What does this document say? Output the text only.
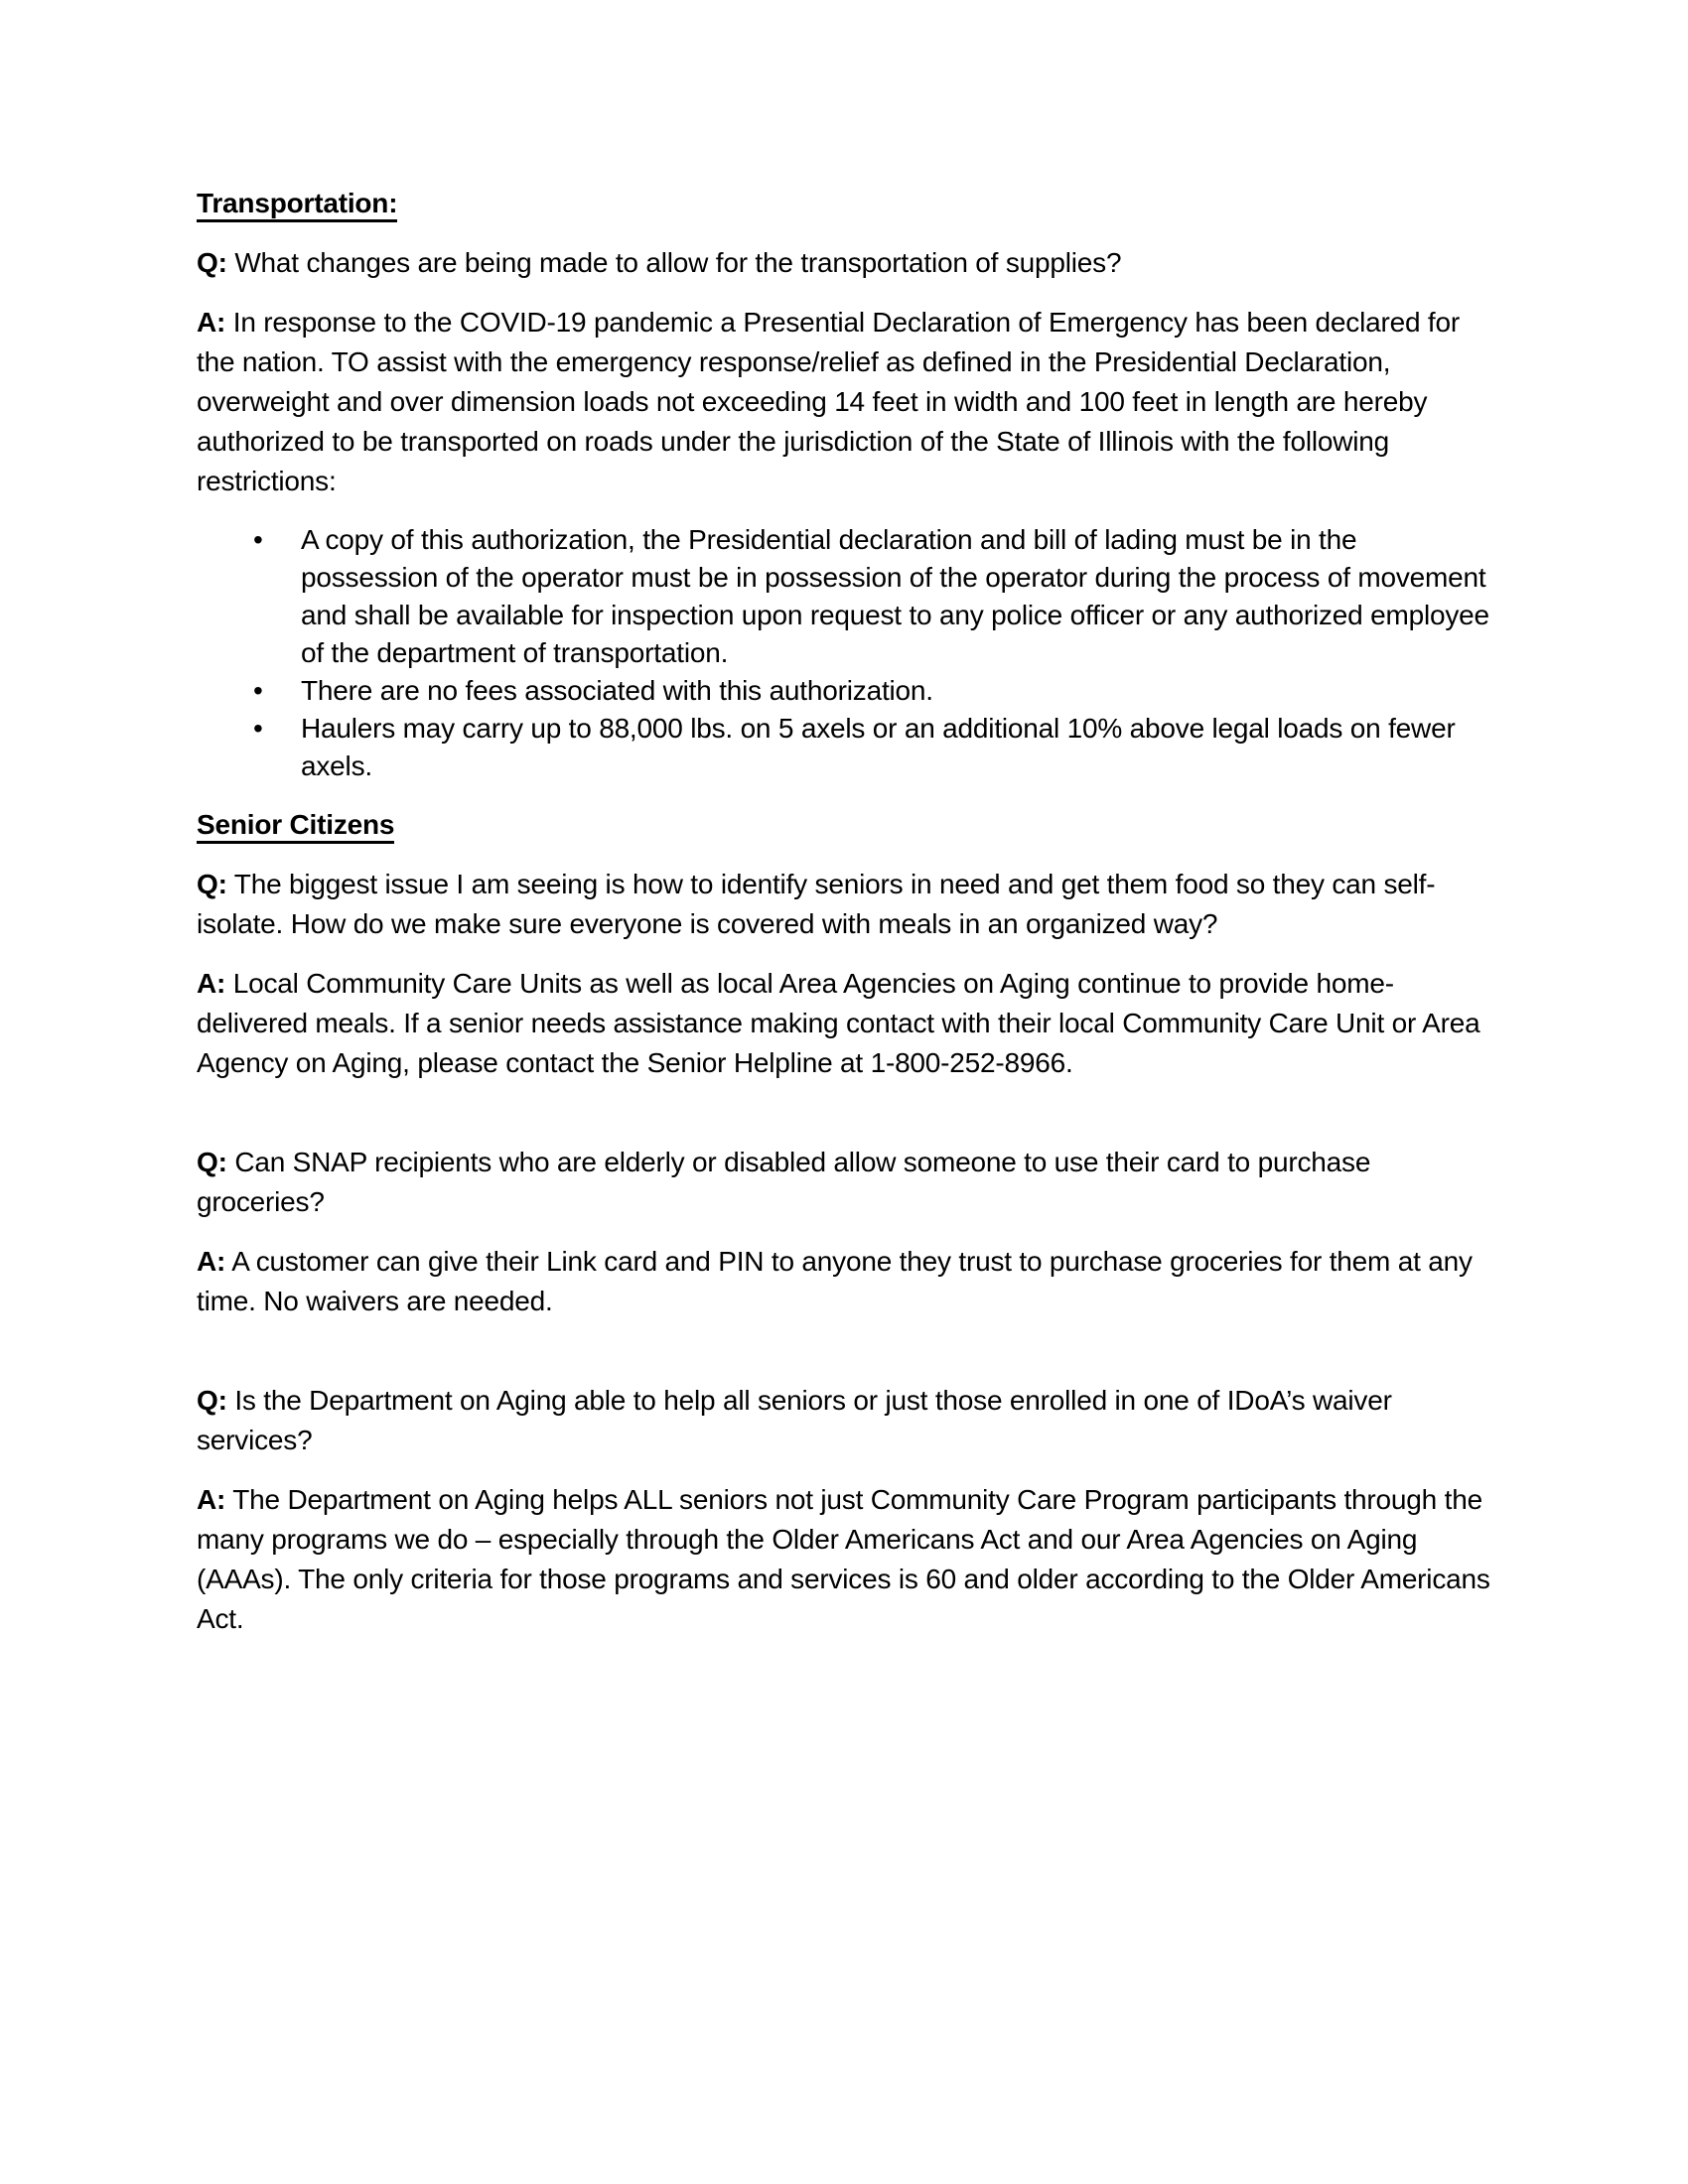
Transportation:

Q: What changes are being made to allow for the transportation of supplies?

A: In response to the COVID-19 pandemic a Presential Declaration of Emergency has been declared for the nation. TO assist with the emergency response/relief as defined in the Presidential Declaration, overweight and over dimension loads not exceeding 14 feet in width and 100 feet in length are hereby authorized to be transported on roads under the jurisdiction of the State of Illinois with the following restrictions:

• A copy of this authorization, the Presidential declaration and bill of lading must be in the possession of the operator must be in possession of the operator during the process of movement and shall be available for inspection upon request to any police officer or any authorized employee of the department of transportation.
• There are no fees associated with this authorization.
• Haulers may carry up to 88,000 lbs. on 5 axels or an additional 10% above legal loads on fewer axels.
Senior Citizens

Q: The biggest issue I am seeing is how to identify seniors in need and get them food so they can self-isolate. How do we make sure everyone is covered with meals in an organized way?

A: Local Community Care Units as well as local Area Agencies on Aging continue to provide home-delivered meals. If a senior needs assistance making contact with their local Community Care Unit or Area Agency on Aging, please contact the Senior Helpline at 1-800-252-8966.

Q: Can SNAP recipients who are elderly or disabled allow someone to use their card to purchase groceries?

A: A customer can give their Link card and PIN to anyone they trust to purchase groceries for them at any time. No waivers are needed.

Q: Is the Department on Aging able to help all seniors or just those enrolled in one of IDoA’s waiver services?

A: The Department on Aging helps ALL seniors not just Community Care Program participants through the many programs we do – especially through the Older Americans Act and our Area Agencies on Aging (AAAs). The only criteria for those programs and services is 60 and older according to the Older Americans Act.
